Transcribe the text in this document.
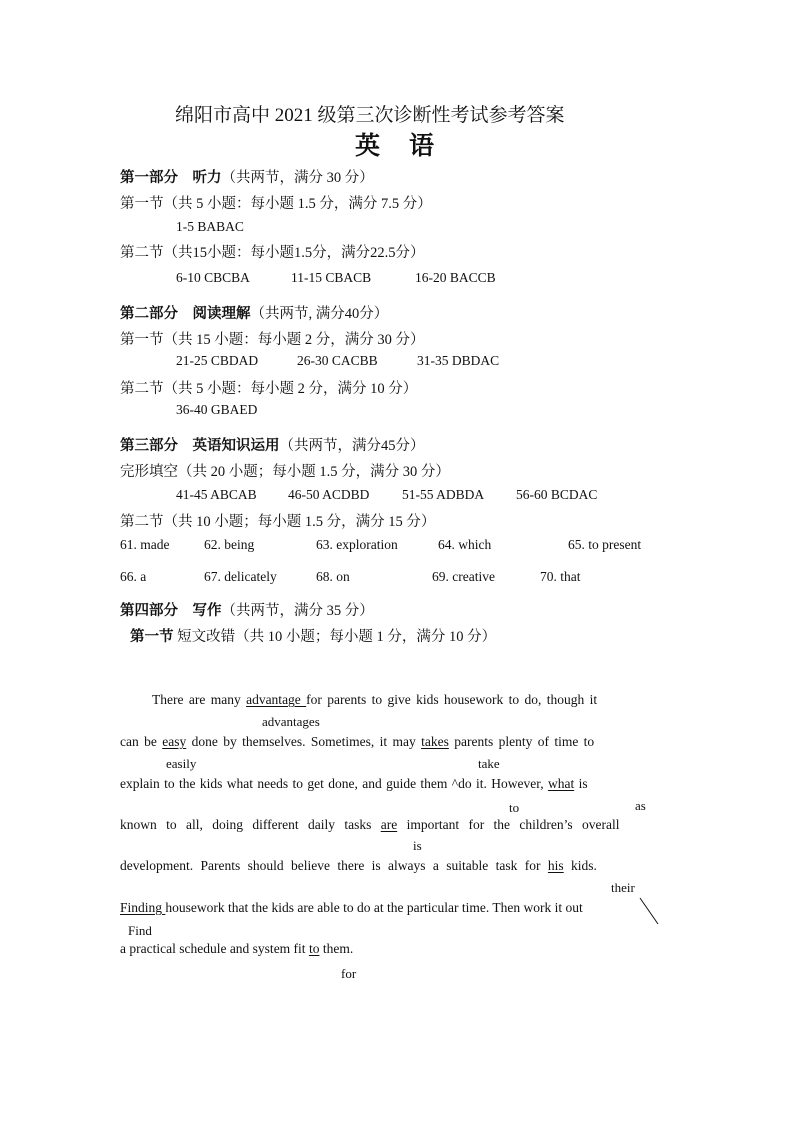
绵阳市高中 2021 级第三次诊断性考试参考答案
英　语
第一部分　听力（共两节，满分 30 分）
第一节（共 5 小题：每小题 1.5 分，满分 7.5 分）
1-5 BABAC
第二节（共15小题：每小题1.5分，满分22.5分）
6-10 CBCBA	11-15 CBACB	16-20 BACCB
第二部分　阅读理解（共两节, 满分40分）
第一节（共 15 小题：每小题 2 分，满分 30 分）
21-25 CBDAD	26-30 CACBB	31-35 DBDAC
第二节（共 5 小题：每小题 2 分，满分 10 分）
36-40 GBAED
第三部分　英语知识运用（共两节，满分45分）
完形填空（共 20 小题；每小题 1.5 分，满分 30 分）
41-45 ABCAB 46-50 ACDBD 51-55 ADBDA 56-60 BCDAC
第二节（共 10 小题；每小题 1.5 分，满分 15 分）
61. made	62. being	63. exploration	64. which	65. to present
66. a	67. delicately	68. on	69. creative	70. that
第四部分　写作（共两节，满分 35 分）
第一节 短文改错（共 10 小题；每小题 1 分，满分 10 分）
There are many advantage for parents to give kids housework to do, though it
advantages
can be easy done by themselves. Sometimes, it may takes parents plenty of time to
easily	take
explain to the kids what needs to get done, and guide them ^do it. However, what is
to	as
known to all, doing different daily tasks are important for the children’s overall
is
development. Parents should believe there is always a suitable task for his kids.
their
Finding housework that the kids are able to do at the particular time. Then work it out
Find
a practical schedule and system fit to them.
for
